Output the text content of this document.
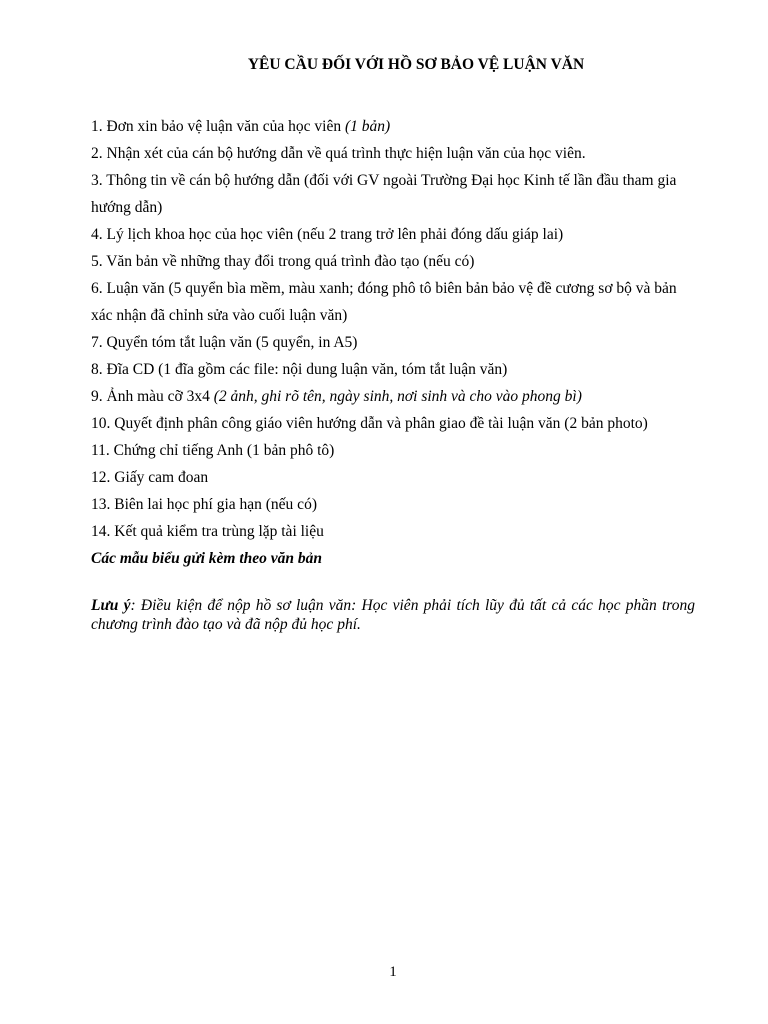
YÊU CẦU ĐỐI VỚI HỒ SƠ BẢO VỆ LUẬN VĂN
1. Đơn xin bảo vệ luận văn của học viên (1 bản)
2. Nhận xét của cán bộ hướng dẫn về quá trình thực hiện luận văn của học viên.
3. Thông tin về cán bộ hướng dẫn (đối với GV ngoài Trường Đại học Kinh tế lần đầu tham gia hướng dẫn)
4. Lý lịch khoa học của học viên (nếu 2 trang trở lên phải đóng dấu giáp lai)
5. Văn bản về những thay đổi trong quá trình đào tạo (nếu có)
6. Luận văn (5 quyển bìa mềm, màu xanh; đóng phô tô biên bản bảo vệ đề cương sơ bộ và bản xác nhận đã chỉnh sửa vào cuối luận văn)
7. Quyển tóm tắt luận văn (5 quyển, in A5)
8. Đĩa CD (1 đĩa gồm các file: nội dung luận văn, tóm tắt luận văn)
9. Ảnh màu cỡ 3x4 (2 ảnh, ghi rõ tên, ngày sinh, nơi sinh và cho vào phong bì)
10. Quyết định phân công giáo viên hướng dẫn và phân giao đề tài luận văn (2 bản photo)
11. Chứng chỉ tiếng Anh (1 bản phô tô)
12. Giấy cam đoan
13. Biên lai học phí gia hạn (nếu có)
14. Kết quả kiểm tra trùng lặp tài liệu
Các mẫu biểu gửi kèm theo văn bản
Lưu ý: Điều kiện để nộp hồ sơ luận văn: Học viên phải tích lũy đủ tất cả các học phần trong chương trình đào tạo và đã nộp đủ học phí.
1
